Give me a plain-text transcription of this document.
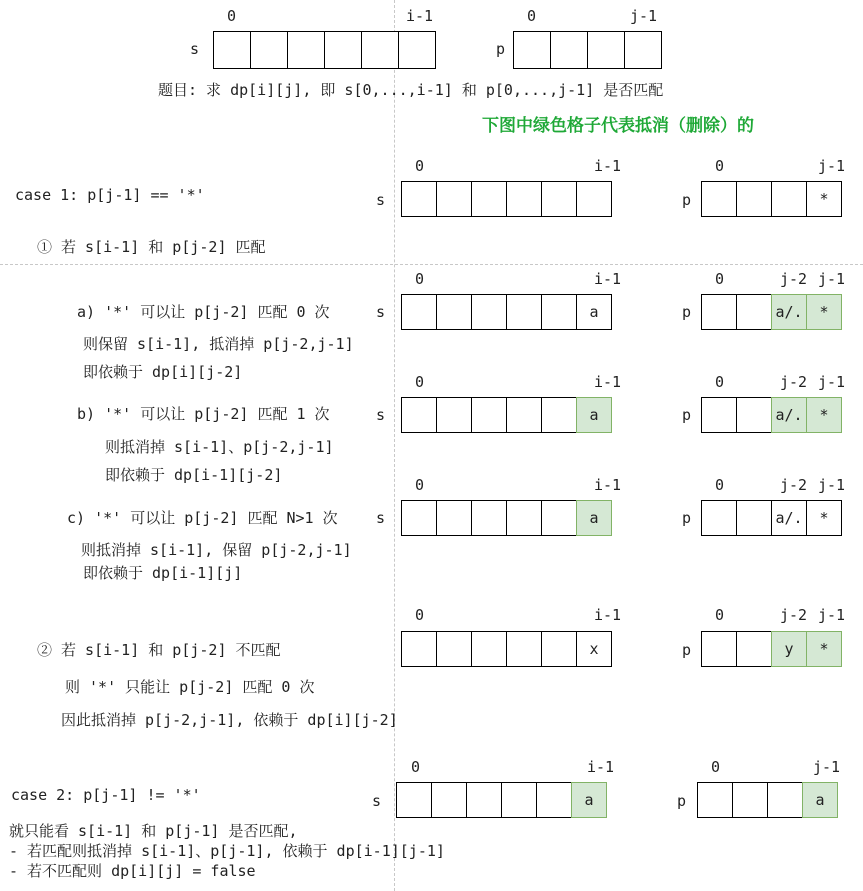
0	i-1	0	j-1
s	p
题目: 求 dp[i][j], 即 s[0,...,i-1] 和 p[0,...,j-1] 是否匹配
下图中绿色格子代表抵消（删除）的
0	i-1	0	j-1
case 1: p[j-1] == '*'	s	p	*
① 若 s[i-1] 和 p[j-2] 匹配
0	i-1	0	j-2 j-1
a) '*' 可以让 p[j-2] 匹配 0 次	s	a	p	a/.	*
则保留 s[i-1], 抵消掉 p[j-2,j-1]
即依赖于 dp[i][j-2]
0	i-1	0	j-2 j-1
b) '*' 可以让 p[j-2] 匹配 1 次	s	a	p	a/.	*
则抵消掉 s[i-1]、p[j-2,j-1]
即依赖于 dp[i-1][j-2]
0	i-1	0	j-2 j-1
c) '*' 可以让 p[j-2] 匹配 N>1 次	s	a	p	a/.	*
则抵消掉 s[i-1], 保留 p[j-2,j-1]
即依赖于 dp[i-1][j]
0	i-1	0	j-2 j-1
② 若 s[i-1] 和 p[j-2] 不匹配	x	p	y	*
则 '*' 只能让 p[j-2] 匹配 0 次
因此抵消掉 p[j-2,j-1], 依赖于 dp[i][j-2]
0	i-1	0	j-1
case 2: p[j-1] != '*'	s	a	p	a
就只能看 s[i-1] 和 p[j-1] 是否匹配,
- 若匹配则抵消掉 s[i-1]、p[j-1], 依赖于 dp[i-1][j-1]
- 若不匹配则 dp[i][j] = false
